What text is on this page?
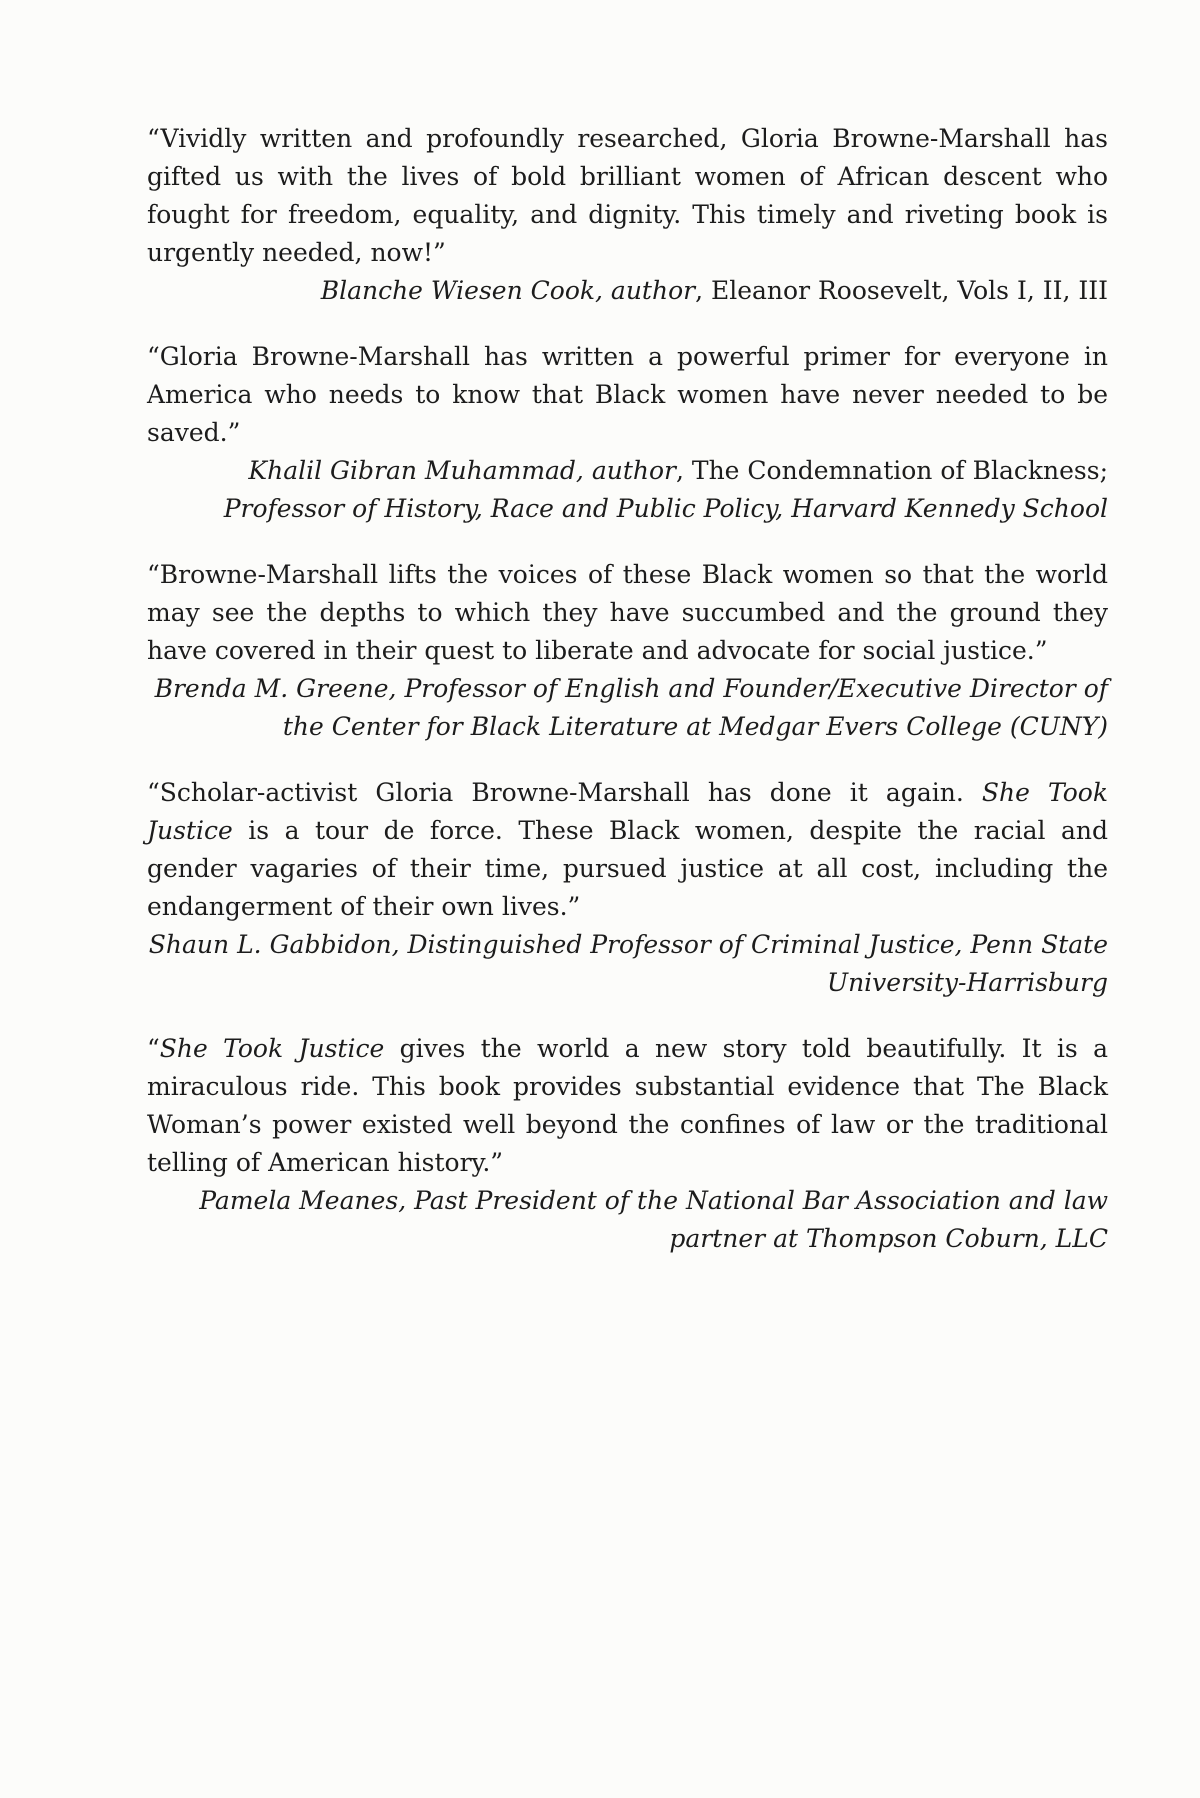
“Vividly written and profoundly researched, Gloria Browne-Marshall has gifted us with the lives of bold brilliant women of African descent who fought for freedom, equality, and dignity. This timely and riveting book is urgently needed, now!”

Blanche Wiesen Cook, author, Eleanor Roosevelt, Vols I, II, III

“Gloria Browne-Marshall has written a powerful primer for everyone in America who needs to know that Black women have never needed to be saved.”

Khalil Gibran Muhammad, author, The Condemnation of Blackness; Professor of History, Race and Public Policy, Harvard Kennedy School

“Browne-Marshall lifts the voices of these Black women so that the world may see the depths to which they have succumbed and the ground they have covered in their quest to liberate and advocate for social justice.”

Brenda M. Greene, Professor of English and Founder/Executive Director of the Center for Black Literature at Medgar Evers College (CUNY)

“Scholar-activist Gloria Browne-Marshall has done it again. She Took Justice is a tour de force. These Black women, despite the racial and gender vagaries of their time, pursued justice at all cost, including the endangerment of their own lives.”

Shaun L. Gabbidon, Distinguished Professor of Criminal Justice, Penn State University-Harrisburg

“She Took Justice gives the world a new story told beautifully. It is a miraculous ride. This book provides substantial evidence that The Black Woman’s power existed well beyond the confines of law or the traditional telling of American history.”

Pamela Meanes, Past President of the National Bar Association and law partner at Thompson Coburn, LLC
